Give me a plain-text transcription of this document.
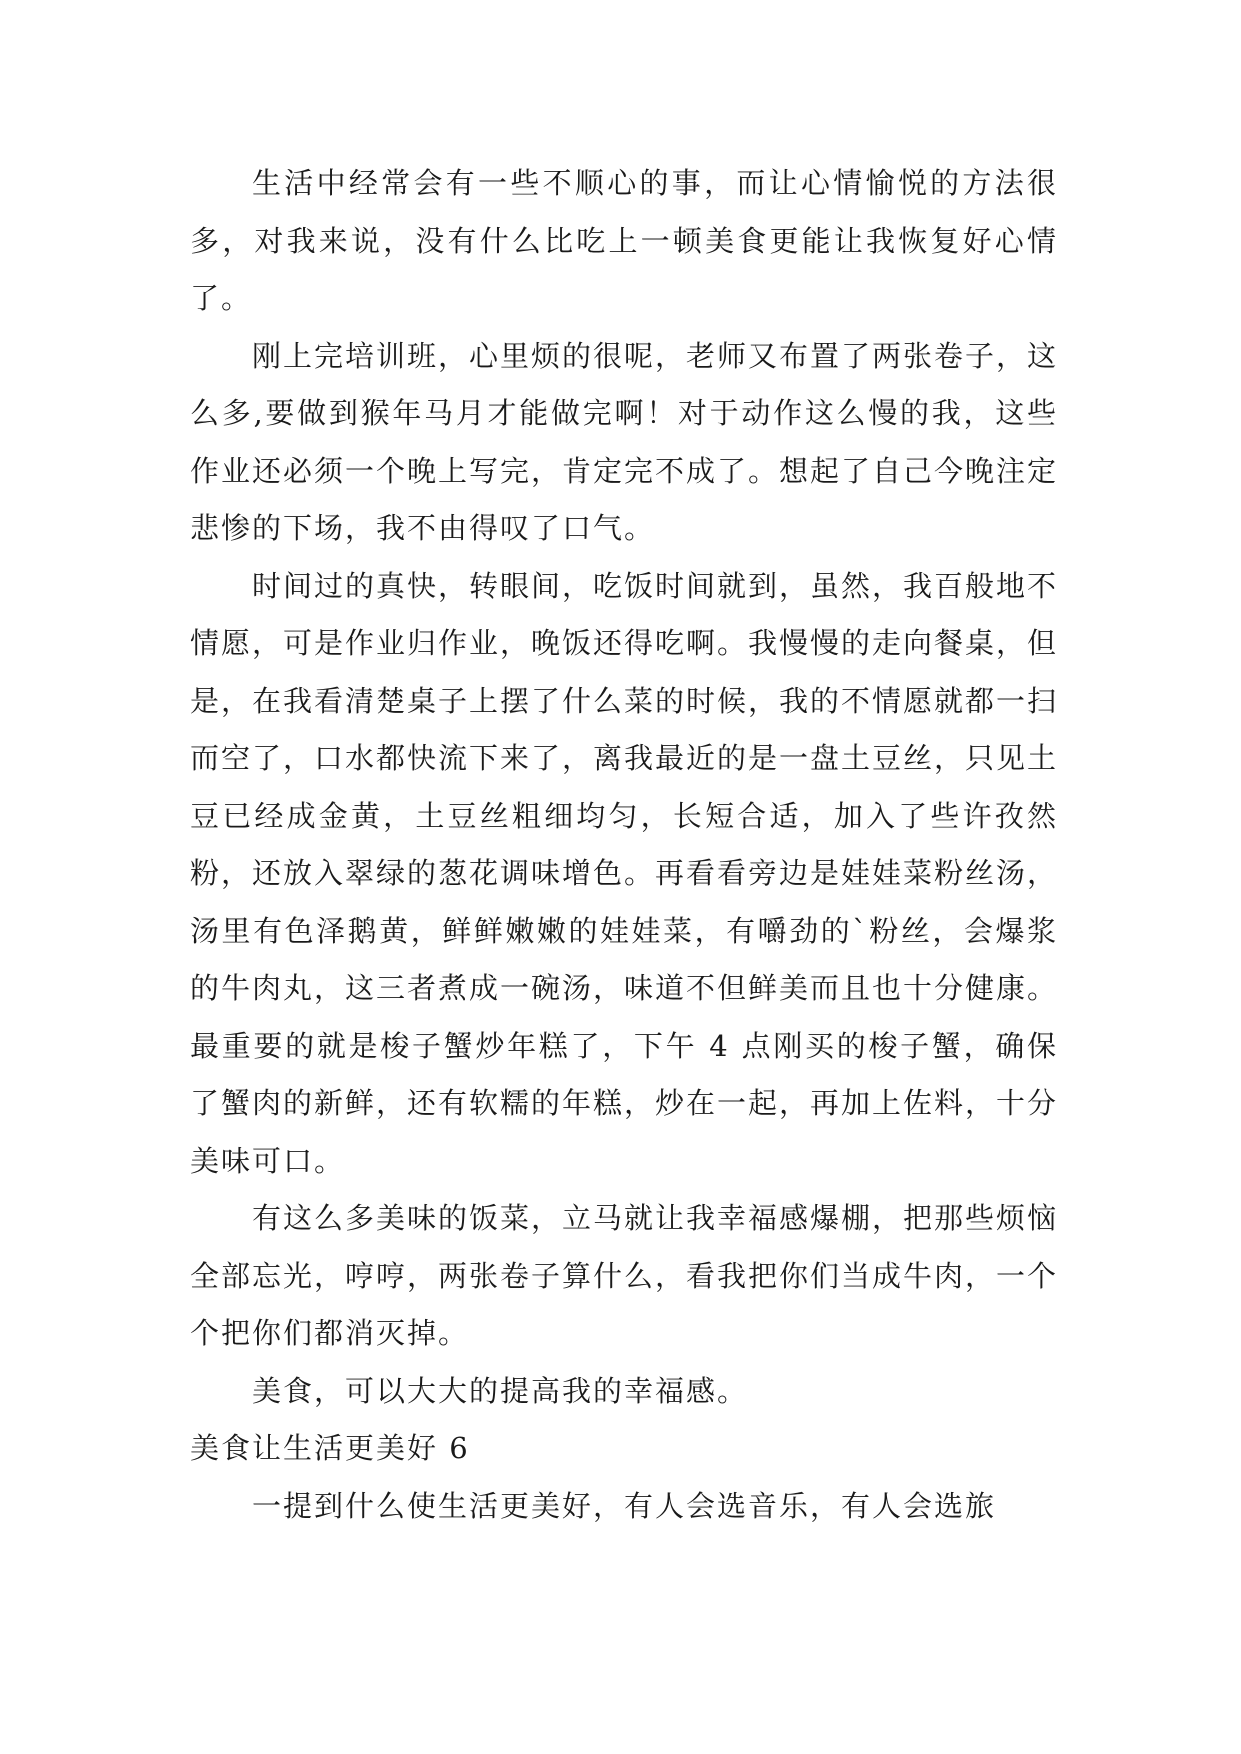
生活中经常会有一些不顺心的事，而让心情愉悦的方法很多，对我来说，没有什么比吃上一顿美食更能让我恢复好心情了。

刚上完培训班，心里烦的很呢，老师又布置了两张卷子，这么多,要做到猴年马月才能做完啊！对于动作这么慢的我，这些作业还必须一个晚上写完，肯定完不成了。想起了自己今晚注定悲惨的下场，我不由得叹了口气。

时间过的真快，转眼间，吃饭时间就到，虽然，我百般地不情愿，可是作业归作业，晚饭还得吃啊。我慢慢的走向餐桌，但是，在我看清楚桌子上摆了什么菜的时候，我的不情愿就都一扫而空了，口水都快流下来了，离我最近的是一盘土豆丝，只见土豆已经成金黄，土豆丝粗细均匀，长短合适，加入了些许孜然粉，还放入翠绿的葱花调味增色。再看看旁边是娃娃菜粉丝汤，汤里有色泽鹅黄，鲜鲜嫩嫩的娃娃菜，有嚼劲的`粉丝，会爆浆的牛肉丸，这三者煮成一碗汤，味道不但鲜美而且也十分健康。最重要的就是梭子蟹炒年糕了，下午 4 点刚买的梭子蟹，确保了蟹肉的新鲜，还有软糯的年糕，炒在一起，再加上佐料，十分美味可口。

有这么多美味的饭菜，立马就让我幸福感爆棚，把那些烦恼全部忘光，哼哼，两张卷子算什么，看我把你们当成牛肉，一个个把你们都消灭掉。

美食，可以大大的提高我的幸福感。

美食让生活更美好 6

一提到什么使生活更美好，有人会选音乐，有人会选旅
